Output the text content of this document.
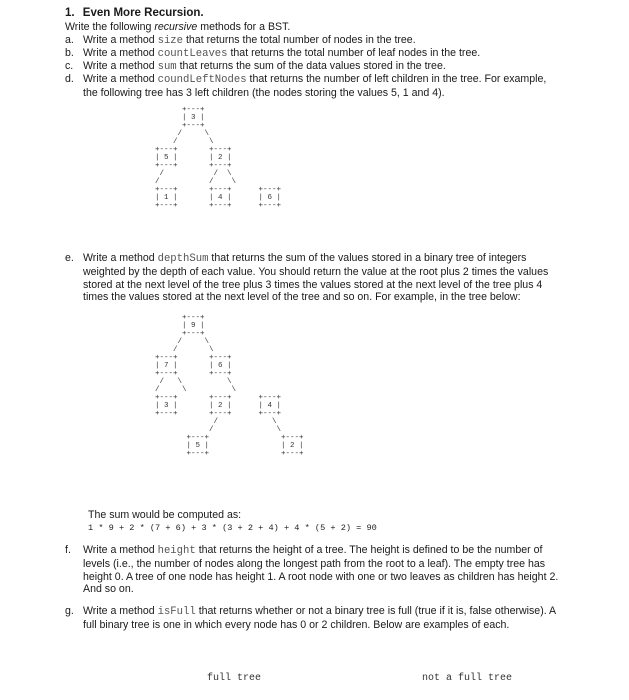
1. Even More Recursion.
Write the following recursive methods for a BST.
a. Write a method size that returns the total number of nodes in the tree.
b. Write a method countLeaves that returns the total number of leaf nodes in the tree.
c. Write a method sum that returns the sum of the data values stored in the tree.
d. Write a method coundLeftNodes that returns the number of left children in the tree. For example, the following tree has 3 left children (the nodes storing the values 5, 1 and 4).
+---+
| 3 |
+---+
/     \
/       \
+---+       +---+
| 5 |       | 2 |
+---+       +---+
/           /  \
/           /    \
+---+       +---+      +---+
| 1 |       | 4 |      | 6 |
+---+       +---+      +---+
e. Write a method depthSum that returns the sum of the values stored in a binary tree of integers weighted by the depth of each value. You should return the value at the root plus 2 times the values stored at the next level of the tree plus 3 times the values stored at the next level of the tree plus 4 times the values stored at the next level of the tree and so on. For example, in the tree below:
+---+
| 9 |
+---+
/     \
/       \
+---+       +---+
| 7 |       | 6 |
+---+       +---+
/   \          \
/     \          \
+---+       +---+      +---+
| 3 |       | 2 |      | 4 |
+---+       +---+      +---+
/            \
/              \
+---+                +---+
| 5 |                | 2 |
+---+                +---+
The sum would be computed as:
1 * 9 + 2 * (7 + 6) + 3 * (3 + 2 + 4) + 4 * (5 + 2) = 90
f. Write a method height that returns the height of a tree. The height is defined to be the number of levels (i.e., the number of nodes along the longest path from the root to a leaf). The empty tree has height 0. A tree of one node has height 1. A root node with one or two leaves as children has height 2. And so on.
g. Write a method isFull that returns whether or not a binary tree is full (true if it is, false otherwise). A full binary tree is one in which every node has 0 or 2 children. Below are examples of each.
full tree	not a full tree
